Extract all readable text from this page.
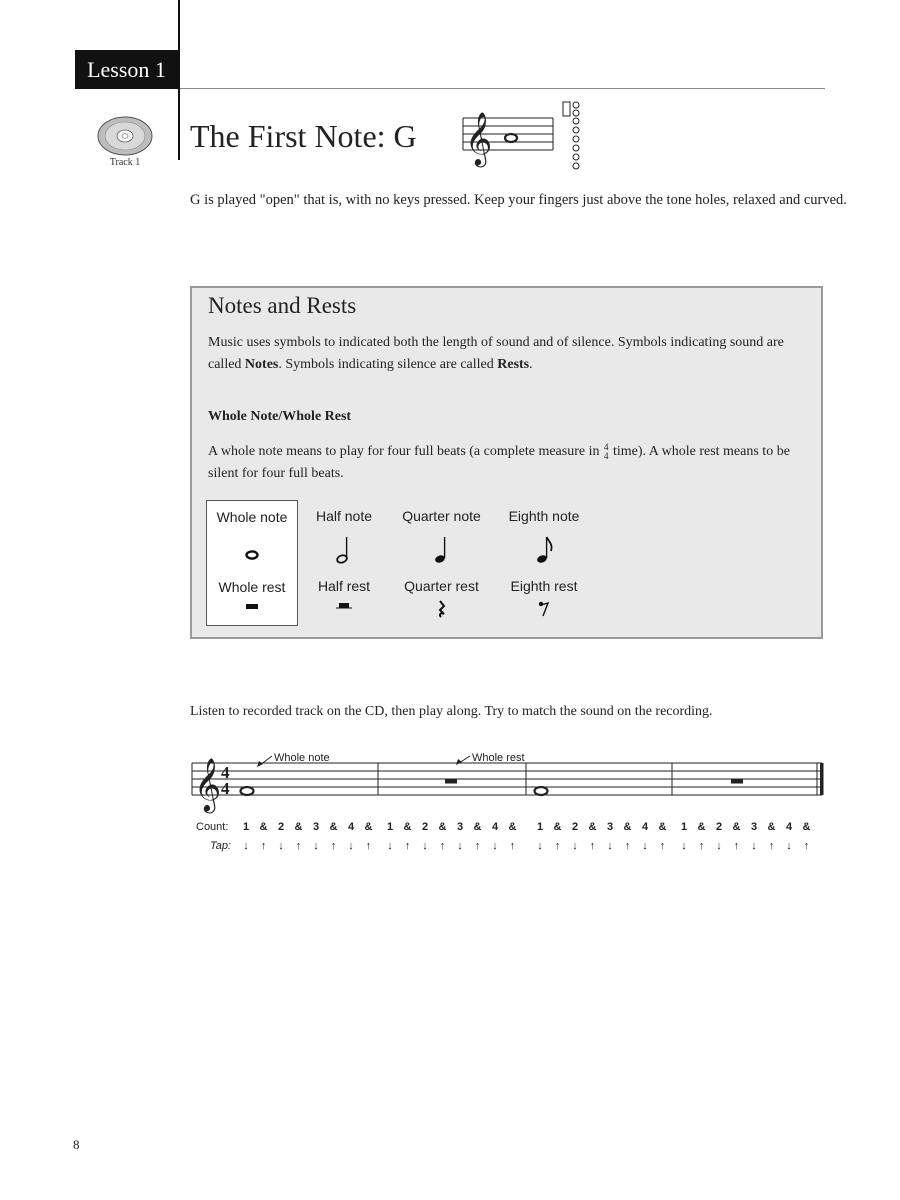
Lesson 1
Track 1
The First Note: G 𝄞
G is played "open" that is, with no keys pressed. Keep your fingers just above the tone holes, relaxed and curved.
Notes and Rests
Music uses symbols to indicated both the length of sound and of silence. Symbols indicating sound are called Notes. Symbols indicating silence are called Rests.
Whole Note/Whole Rest
A whole note means to play for four full beats (a complete measure in 4
4 time). A whole rest means to be silent for four full beats.
Whole note
Whole rest
Half note
Half rest
Quarter note
Quarter rest
Eighth note
Eighth rest
Listen to recorded track on the CD, then play along. Try to match the sound on the recording.
𝄞 4
4
Whole note	Whole rest
Count:
Tap:
1 & 2 & 3 & 4 & 1 & 2 & 3 & 4 & 1 & 2 & 3 & 4 & 1 & 2 & 3 & 4 &
↓ ↑ ↓ ↑ ↓ ↑ ↓ ↑ ↓ ↑ ↓ ↑ ↓ ↑ ↓ ↑ ↓ ↑ ↓ ↑ ↓ ↑ ↓ ↑ ↓ ↑ ↓ ↑ ↓ ↑ ↓ ↑
8
